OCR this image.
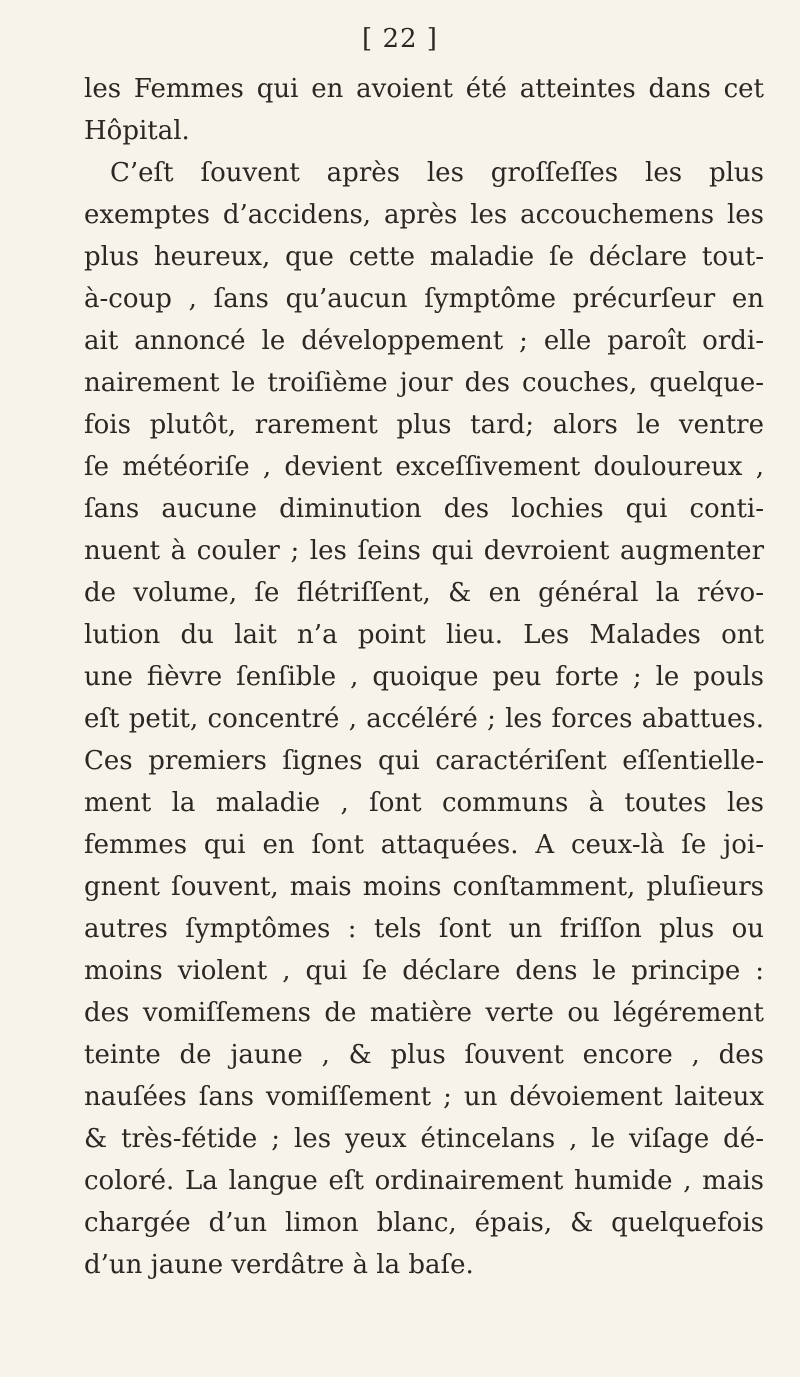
[ 22 ]
les Femmes qui en avoient été atteintes dans cet
Hôpital.
C’eſt ſouvent après les groſſeſſes les plus
exemptes d’accidens, après les accouchemens les
plus heureux, que cette maladie ſe déclare tout-
à-coup , ſans qu’aucun ſymptôme précurſeur en
ait annoncé le développement ; elle paroît ordi-
nairement le troiſième jour des couches, quelque-
fois plutôt, rarement plus tard; alors le ventre
ſe météoriſe , devient exceſſivement douloureux ,
ſans aucune diminution des lochies qui conti-
nuent à couler ; les ſeins qui devroient augmenter
de volume, ſe flétriſſent, & en général la révo-
lution du lait n’a point lieu. Les Malades ont
une fièvre ſenſible , quoique peu forte ; le pouls
eſt petit, concentré , accéléré ; les forces abattues.
Ces premiers ſignes qui caractériſent eſſentielle-
ment la maladie , ſont communs à toutes les
femmes qui en ſont attaquées. A ceux-là ſe joi-
gnent ſouvent, mais moins conſtamment, pluſieurs
autres ſymptômes : tels ſont un friſſon plus ou
moins violent , qui ſe déclare dens le principe :
des vomiſſemens de matière verte ou légérement
teinte de jaune , & plus ſouvent encore , des
nauſées ſans vomiſſement ; un dévoiement laiteux
& très-fétide ; les yeux étincelans , le viſage dé-
coloré. La langue eſt ordinairement humide , mais
chargée d’un limon blanc, épais, & quelquefois
d’un jaune verdâtre à la baſe.
